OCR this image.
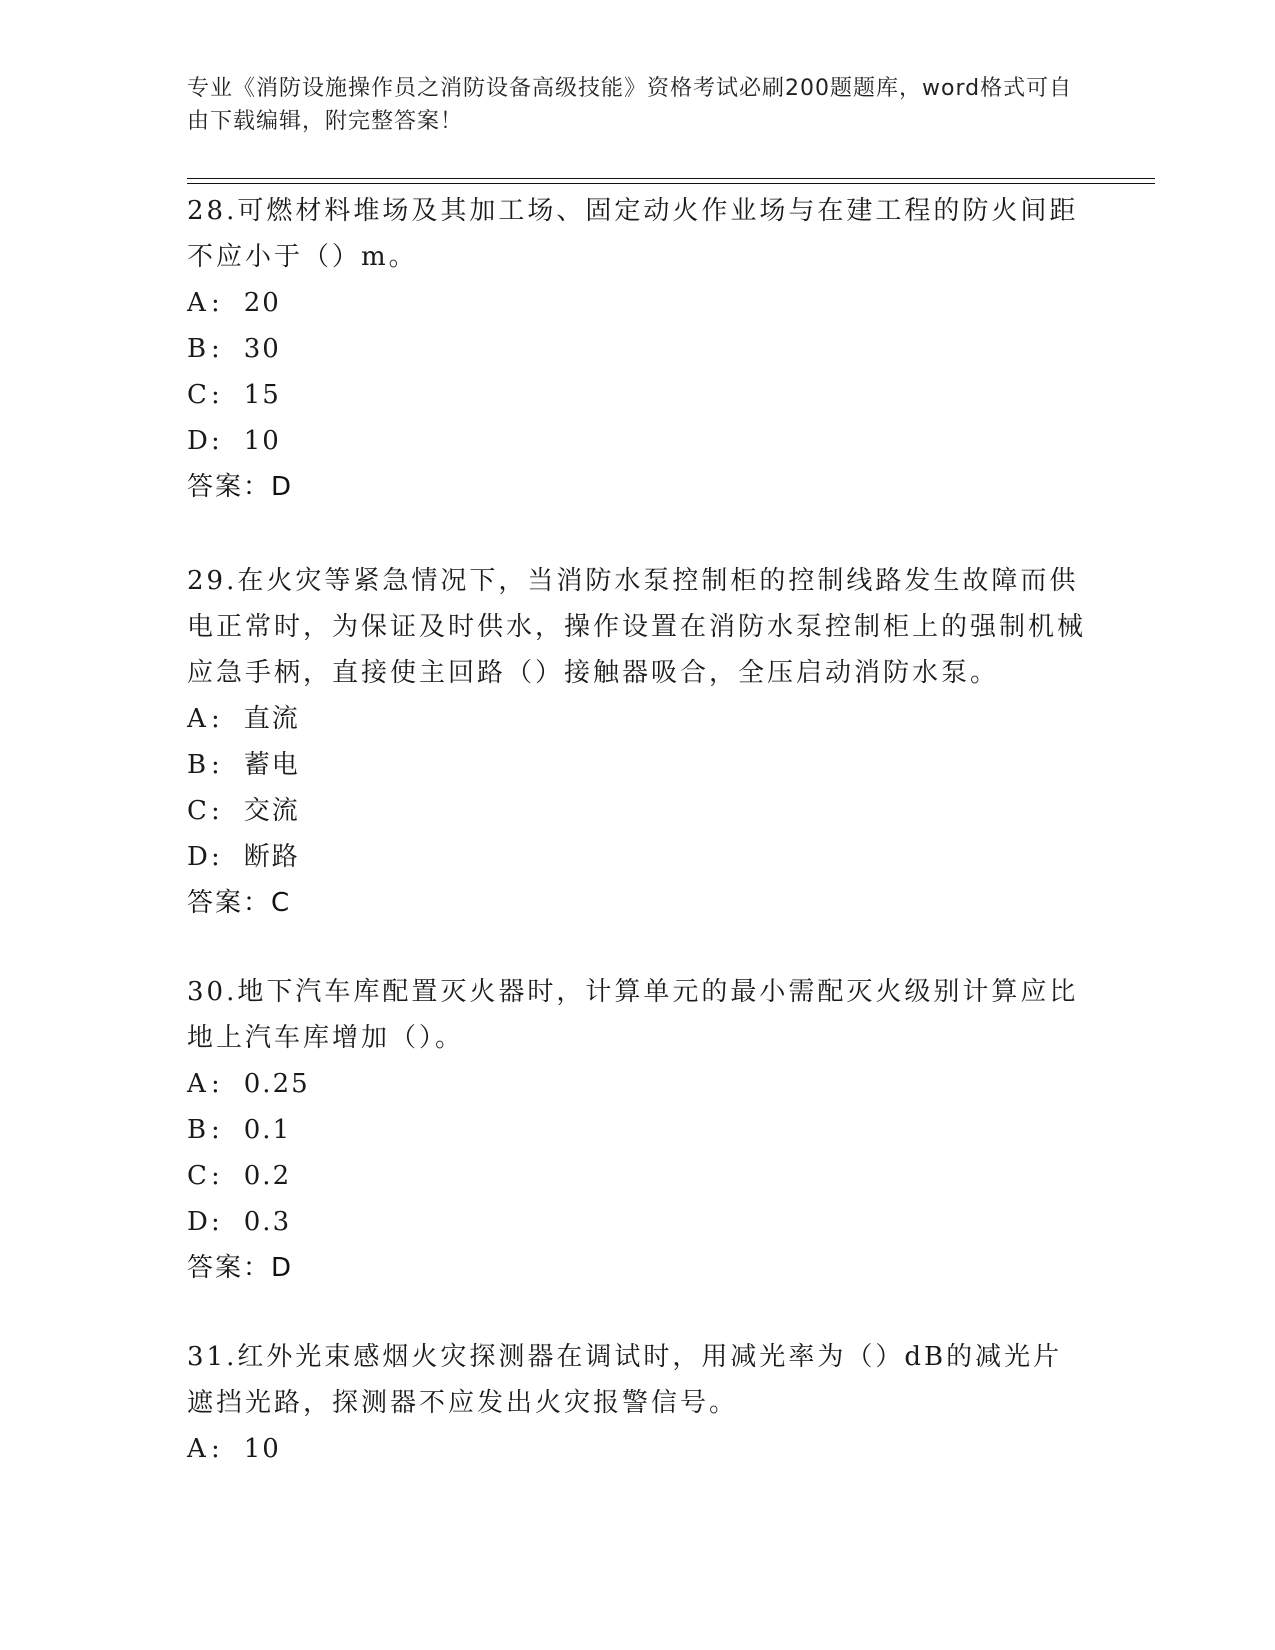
专业《消防设施操作员之消防设备高级技能》资格考试必刷200题题库，word格式可自由下载编辑，附完整答案！

28.可燃材料堆场及其加工场、固定动火作业场与在建工程的防火间距不应小于（）m。

A : 20

B : 30

C: 15

D: 10

答案：D

29.在火灾等紧急情况下，当消防水泵控制柜的控制线路发生故障而供电正常时，为保证及时供水，操作设置在消防水泵控制柜上的强制机械应急手柄，直接使主回路（）接触器吸合，全压启动消防水泵。

A : 直流

B : 蓄电

C: 交流

D: 断路

答案：C

30.地下汽车库配置灭火器时，计算单元的最小需配灭火级别计算应比地上汽车库增加（）。

A : 0.25

B : 0.1

C: 0.2

D: 0.3

答案：D

31.红外光束感烟火灾探测器在调试时，用减光率为（）dB的减光片遮挡光路，探测器不应发出火灾报警信号。

A : 10
